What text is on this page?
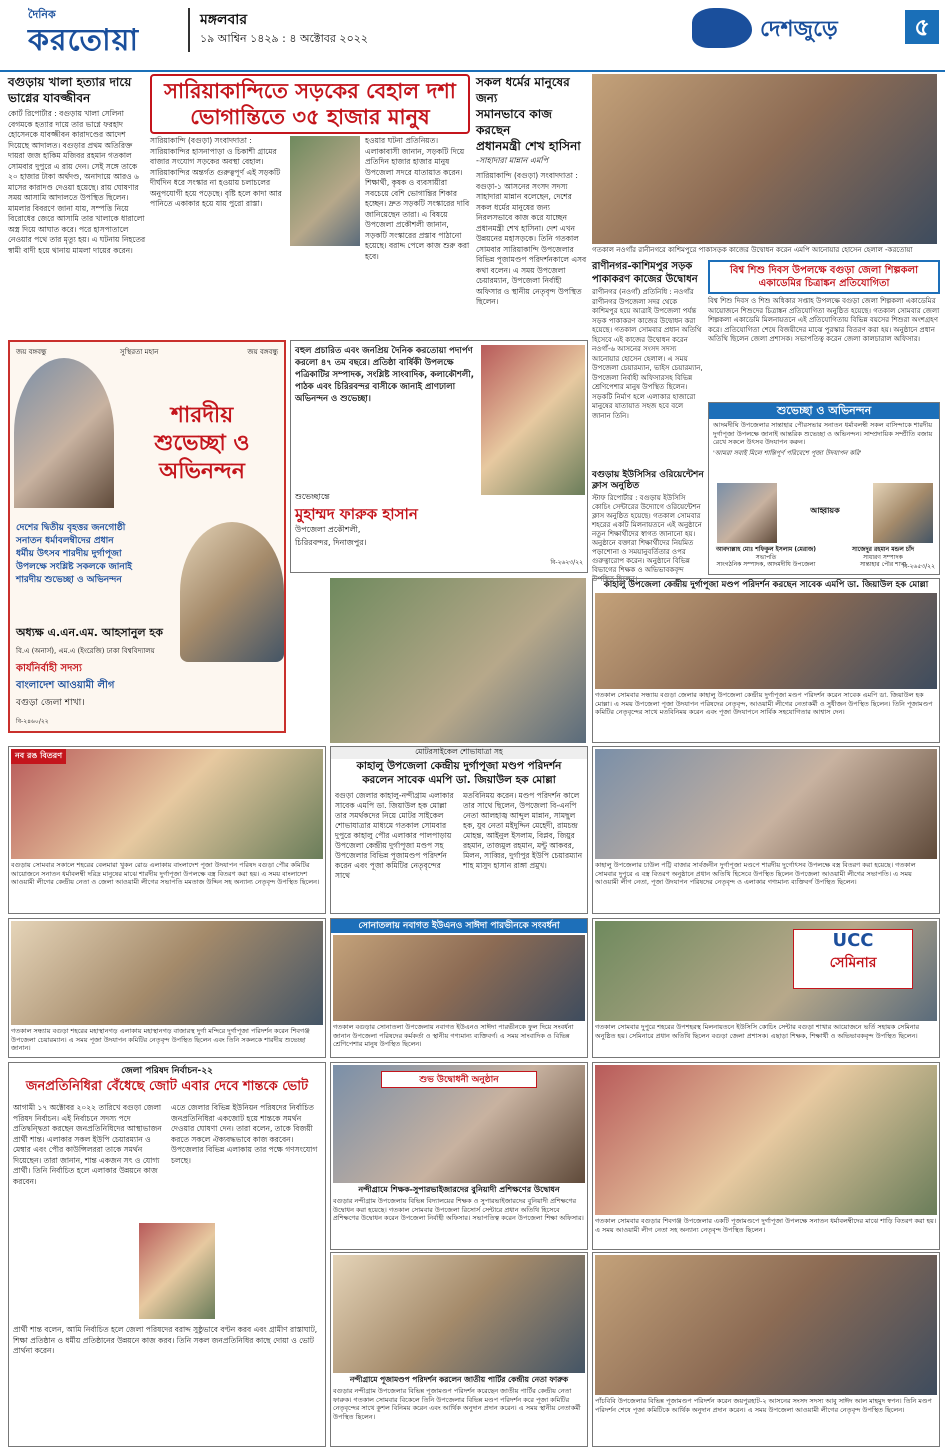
দৈনিক
করতোয়া
মঙ্গলবার
১৯ আশ্বিন ১৪২৯ : ৪ অক্টোবর ২০২২	দেশজুড়ে	৫
বগুড়ায় খালা হত্যার দায়ে ভাগ্নের যাবজ্জীবন
কোর্ট রিপোর্টার : বগুড়ায় খালা সেলিনা বেগমকে হত্যার দায়ে তার ভাগ্নে ফরহাদ হোসেনকে যাবজ্জীবন কারাদণ্ডের আদেশ দিয়েছে আদালত। বগুড়ার প্রথম অতিরিক্ত দায়রা জজ হাকিম মজিবর রহমান গতকাল সোমবার দুপুরে এ রায় দেন। সেই সঙ্গে তাকে ২০ হাজার টাকা অর্থদণ্ড, অনাদায়ে আরও ৬ মাসের কারাদণ্ড দেওয়া হয়েছে। রায় ঘোষণার সময় আসামি আদালতে উপস্থিত ছিলেন। মামলার বিবরণে জানা যায়, সম্পত্তি নিয়ে বিরোধের জেরে আসামি তার খালাকে ধারালো অস্ত্র দিয়ে আঘাত করে। পরে হাসপাতালে নেওয়ার পথে তার মৃত্যু হয়। এ ঘটনায় নিহতের স্বামী বাদী হয়ে থানায় মামলা দায়ের করেন।
সারিয়াকান্দিতে সড়কের বেহাল দশা
ভোগান্তিতে ৩৫ হাজার মানুষ
সারিয়াকান্দি (বগুড়া) সংবাদদাতা : সারিয়াকান্দির হাসনাপাড়া ও চিকাশী গ্রামের বাজার সংযোগ সড়কের অবস্থা বেহাল। সারিয়াকান্দির অন্তর্গত গুরুত্বপূর্ণ এই সড়কটি দীর্ঘদিন ধরে সংস্কার না হওয়ায় চলাচলের অনুপযোগী হয়ে পড়েছে। বৃষ্টি হলে কাদা আর পানিতে একাকার হয়ে যায় পুরো রাস্তা।
হওয়ার ঘটনা প্রতিনিয়ত। এলাকাবাসী জানান, সড়কটি দিয়ে প্রতিদিন হাজার হাজার মানুষ উপজেলা সদরে যাতায়াত করেন। শিক্ষার্থী, কৃষক ও ব্যবসায়ীরা সবচেয়ে বেশি ভোগান্তির শিকার হচ্ছেন। দ্রুত সড়কটি সংস্কারের দাবি জানিয়েছেন তারা। এ বিষয়ে উপজেলা প্রকৌশলী জানান, সড়কটি সংস্কারের প্রস্তাব পাঠানো হয়েছে। বরাদ্দ পেলে কাজ শুরু করা হবে।
সকল ধর্মের মানুষের জন্য
সমানভাবে কাজ করছেন
প্রধানমন্ত্রী শেখ হাসিনা
-সাহাদারা মান্নান এমপি
সারিয়াকান্দি (বগুড়া) সংবাদদাতা : বগুড়া-১ আসনের সংসদ সদস্য সাহাদারা মান্নান বলেছেন, দেশের সকল ধর্মের মানুষের জন্য নিরলসভাবে কাজ করে যাচ্ছেন প্রধানমন্ত্রী শেখ হাসিনা। দেশ এখন উন্নয়নের মহাসড়কে। তিনি গতকাল সোমবার সারিয়াকান্দি উপজেলার বিভিন্ন পূজামণ্ডপ পরিদর্শনকালে এসব কথা বলেন। এ সময় উপজেলা চেয়ারম্যান, উপজেলা নির্বাহী অফিসার ও স্থানীয় নেতৃবৃন্দ উপস্থিত ছিলেন।
গতকাল নওগাঁর রানীনগরে কাশিমপুরে পাকাসড়ক কাজের উদ্বোধন করেন এমপি আনোয়ার হোসেন হেলাল -করতোয়া
রাণীনগর-কাশিমপুর সড়ক
পাকাকরণ কাজের উদ্বোধন
রাণীনগর (নওগাঁ) প্রতিনিধি : নওগাঁর রাণীনগর উপজেলা সদর থেকে কাশিমপুর হয়ে আত্রাই উপজেলা পর্যন্ত সড়ক পাকাকরণ কাজের উদ্বোধন করা হয়েছে। গতকাল সোমবার প্রধান অতিথি হিসেবে এই কাজের উদ্বোধন করেন নওগাঁ-৬ আসনের সংসদ সদস্য আনোয়ার হোসেন হেলাল। এ সময় উপজেলা চেয়ারম্যান, ভাইস চেয়ারম্যান, উপজেলা নির্বাহী অফিসারসহ বিভিন্ন শ্রেণিপেশার মানুষ উপস্থিত ছিলেন। সড়কটি নির্মাণ হলে এলাকার হাজারো মানুষের যাতায়াত সহজ হবে বলে জানান তিনি।
বিশ্ব শিশু দিবস উপলক্ষে বগুড়া জেলা শিল্পকলা
একাডেমির চিত্রাঙ্কন প্রতিযোগিতা
বিশ্ব শিশু দিবস ও শিশু অধিকার সপ্তাহ উপলক্ষে বগুড়া জেলা শিল্পকলা একাডেমির আয়োজনে শিশুদের চিত্রাঙ্কন প্রতিযোগিতা অনুষ্ঠিত হয়েছে। গতকাল সোমবার জেলা শিল্পকলা একাডেমি মিলনায়তনে এই প্রতিযোগিতায় বিভিন্ন বয়সের শিশুরা অংশগ্রহণ করে। প্রতিযোগিতা শেষে বিজয়ীদের মাঝে পুরস্কার বিতরণ করা হয়। অনুষ্ঠানে প্রধান অতিথি ছিলেন জেলা প্রশাসক। সভাপতিত্ব করেন জেলা কালচারাল অফিসার।
বগুড়ায় ইউসিসির ওরিয়েন্টেশন
ক্লাস অনুষ্ঠিত
স্টাফ রিপোর্টার : বগুড়ায় ইউসিসি কোচিং সেন্টারের উদ্যোগে ওরিয়েন্টেশন ক্লাস অনুষ্ঠিত হয়েছে। গতকাল সোমবার শহরের একটি মিলনায়তনে এই অনুষ্ঠানে নতুন শিক্ষার্থীদের স্বাগত জানানো হয়। অনুষ্ঠানে বক্তারা শিক্ষার্থীদের নিয়মিত পড়াশোনা ও সময়ানুবর্তিতার ওপর গুরুত্বারোপ করেন। অনুষ্ঠানে বিভিন্ন বিভাগের শিক্ষক ও অভিভাবকবৃন্দ উপস্থিত ছিলেন।
শুভেচ্ছা ও অভিনন্দন
আদমদীঘি উপজেলার সান্তাহার পৌরসভার সনাতন ধর্মাবলম্বী সকল বাসিন্দাকে শারদীয় দুর্গাপূজা উপলক্ষে জানাই আন্তরিক শুভেচ্ছা ও অভিনন্দন। সাম্প্রদায়িক সম্প্রীতি বজায় রেখে সকলে উৎসব উদযাপন করুন।
'আমরা সবাই মিলে শান্তিপূর্ণ পরিবেশে পূজা উদযাপন করি'
আহ্বায়ক
আবদাল্লাহ মোঃ শফিকুল ইসলাম (মেরাজ)
সভাপতি
সাংগঠনিক সম্পাদক, আদমদীঘি উপজেলা
সাজেদুর রহমান মন্ডল চাঁদ
সাধারণ সম্পাদক
সান্তাহার পৌর শাখা
বি-২৬৫৩/২২
জয় বঙ্গবন্ধু	সুস্থিরতা মহান	জয় বঙ্গবন্ধু
শারদীয়
শুভেচ্ছা ও
অভিনন্দন
দেশের দ্বিতীয় বৃহত্তর জনগোষ্ঠী
সনাতন ধর্মাবলম্বীদের প্রধান
ধর্মীয় উৎসব শারদীয় দুর্গাপূজা
উপলক্ষে সংশ্লিষ্ট সকলকে জানাই
শারদীয় শুভেচ্ছা ও অভিনন্দন
অধ্যক্ষ এ.এন.এম. আহসানুল হক
বি.এ (অনার্স), এম.এ (ইংরেজি) ঢাকা বিশ্ববিদ্যালয়
কার্যনির্বাহী সদস্য
বাংলাদেশ আওয়ামী লীগ
বগুড়া জেলা শাখা।
বি-২৪৬০/২২
বহুল প্রচারিত এবং জনপ্রিয় দৈনিক করতোয়া পদার্পণ করলো ৪৭ তম বছরে। প্রতিষ্ঠা বার্ষিকী উপলক্ষে পত্রিকাটির সম্পাদক, সংশ্লিষ্ট সাংবাদিক, কলাকৌশলী, পাঠক এবং চিরিরবন্দর বাসীকে জানাই প্রাণঢালা অভিনন্দন ও শুভেচ্ছা।
শুভেচ্ছান্তে
মুহাম্মদ ফারুক হাসান
উপজেলা প্রকৌশলী,
চিরিরবন্দর, দিনাজপুর।
বি-২৬২৩/২২
কাহালু উপজেলা কেন্দ্রীয় দুর্গাপূজা মণ্ডপ পরিদর্শন করছেন সাবেক এমপি ডা. জিয়াউল হক মোল্লা
গতকাল সোমবার সন্ধ্যায় বগুড়া জেলার কাহালু উপজেলা কেন্দ্রীয় দুর্গাপূজা মণ্ডপ পরিদর্শন করেন সাবেক এমপি ডা. জিয়াউল হক মোল্লা। এ সময় উপজেলা পূজা উদযাপন পরিষদের নেতৃবৃন্দ, আওয়ামী লীগের নেতাকর্মী ও সুধীজন উপস্থিত ছিলেন। তিনি পূজামণ্ডপ কমিটির নেতৃবৃন্দের সাথে মতবিনিময় করেন এবং পূজা উদযাপনে সার্বিক সহযোগিতার আশ্বাস দেন।
নব রঙ বিতরণ
বগুড়ায় সোমবার সকালে শহরের বেলমারা খুকন রোড এলাকায় বাংলাদেশ পূজা উদযাপন পরিষদ বগুড়া পৌর কমিটির আয়োজনে সনাতন ধর্মাবলম্বী দরিদ্র মানুষের মাঝে শারদীয় দুর্গাপূজা উপলক্ষে বস্ত্র বিতরণ করা হয়। এ সময় বাংলাদেশ আওয়ামী লীগের কেন্দ্রীয় নেতা ও জেলা আওয়ামী লীগের সভাপতি মমতাজ উদ্দিন সহ অন্যান্য নেতৃবৃন্দ উপস্থিত ছিলেন।
মোটরসাইকেল শোভাযাত্রা সহ
কাহালু উপজেলা কেন্দ্রীয় দুর্গাপূজা মণ্ডপ পরিদর্শন
করলেন সাবেক এমপি ডা. জিয়াউল হক মোল্লা
বগুড়া জেলার কাহালু-নন্দীগ্রাম এলাকার সাবেক এমপি ডা. জিয়াউল হক মোল্লা তার সমর্থকদের নিয়ে মোটর সাইকেল শোভাযাত্রার মাধ্যমে গতকাল সোমবার দুপুরে কাহালু পৌর এলাকার পালপাড়ায় উপজেলা কেন্দ্রীয় দুর্গাপূজা মণ্ডপ সহ উপজেলার বিভিন্ন পূজামণ্ডপ পরিদর্শন করেন এবং পূজা কমিটির নেতৃবৃন্দের সাথে
মতবিনিময় করেন। মণ্ডপ পরিদর্শন কালে তার সাথে ছিলেন, উপজেলা বি-এনপি নেতা আলহাজ্ব আব্দুল মান্নান, সামছুল হক, যুব নেতা মইদুদ্দিন মেহেদী, রামচন্দ্র মোহন্ত, আইনুল ইসলাম, বিপ্লব, জিয়ুর রহমান, তাজমুল রহমান, মন্টু আকবর, মিলন, সাব্বির, দুর্গাপুর ইউপি চেয়ারম্যান শাহ মাসুদ হাসান রাঙ্গা প্রমুখ।	কাহালু উপজেলার চাউল পট্টি বাজার সার্বজনীন দুর্গাপূজা মণ্ডপে শারদীয় দুর্গোৎসব উপলক্ষে বস্ত্র বিতরণ করা হয়েছে। গতকাল সোমবার দুপুরে এ বস্ত্র বিতরণ অনুষ্ঠানে প্রধান অতিথি হিসেবে উপস্থিত ছিলেন উপজেলা আওয়ামী লীগের সভাপতি। এ সময় আওয়ামী লীগ নেতা, পূজা উদযাপন পরিষদের নেতৃবৃন্দ ও এলাকার গণ্যমান্য ব্যক্তিবর্গ উপস্থিত ছিলেন।
গতকাল সন্ধ্যায় বগুড়া শহরের মহাস্থানগড় এলাকায় মহাস্থানগড় বাজারস্থ দুর্গা মন্দিরে দুর্গাপূজা পরিদর্শন করেন শিবগঞ্জ উপজেলা চেয়ারম্যান। এ সময় পূজা উদযাপন কমিটির নেতৃবৃন্দ উপস্থিত ছিলেন এবং তিনি সকলকে শারদীয় শুভেচ্ছা জানান।
সোনাতলায় নবাগত ইউএনও সাঈদা পারভীনকে সংবর্ধনা
গতকাল বগুড়ার সোনাতলা উপজেলায় নবাগত ইউএনও সাঈদা পারভীনকে ফুল দিয়ে সংবর্ধনা জানান উপজেলা পরিষদের কর্মকর্তা ও স্থানীয় গণ্যমান্য ব্যক্তিবর্গ। এ সময় সাংবাদিক ও বিভিন্ন শ্রেণিপেশার মানুষ উপস্থিত ছিলেন।
UCC
সেমিনার
গতকাল সোমবার দুপুরে শহরের উপশহরস্থ মিলনায়তনে ইউসিসি কোচিং সেন্টার বগুড়া শাখার আয়োজনে ভর্তি সহায়ক সেমিনার অনুষ্ঠিত হয়। সেমিনারে প্রধান অতিথি ছিলেন বগুড়া জেলা প্রশাসক। এছাড়া শিক্ষক, শিক্ষার্থী ও অভিভাবকবৃন্দ উপস্থিত ছিলেন।
জেলা পরিষদ নির্বাচন-২২
জনপ্রতিনিধিরা বেঁধেছে জোট এবার দেবে শান্তকে ভোট
আগামী ১৭ অক্টোবর ২০২২ তারিখে বগুড়া জেলা পরিষদ নির্বাচন। এই নির্বাচনে সদস্য পদে প্রতিদ্বন্দ্বিতা করছেন জনপ্রতিনিধিদের আস্থাভাজন প্রার্থী শান্ত। এলাকার সকল ইউপি চেয়ারম্যান ও মেম্বার এবং পৌর কাউন্সিলররা তাকে সমর্থন দিয়েছেন। তারা জানান, শান্ত একজন সৎ ও যোগ্য প্রার্থী। তিনি নির্বাচিত হলে এলাকার উন্নয়নে কাজ করবেন।
এতে জেলার বিভিন্ন ইউনিয়ন পরিষদের নির্বাচিত জনপ্রতিনিধিরা একজোট হয়ে শান্তকে সমর্থন দেওয়ার ঘোষণা দেন। তারা বলেন, তাকে বিজয়ী করতে সকলে ঐক্যবদ্ধভাবে কাজ করবেন। উপজেলার বিভিন্ন এলাকায় তার পক্ষে গণসংযোগ চলছে।
প্রার্থী শান্ত বলেন, আমি নির্বাচিত হলে জেলা পরিষদের বরাদ্দ সুষ্ঠুভাবে বণ্টন করব এবং গ্রামীণ রাস্তাঘাট, শিক্ষা প্রতিষ্ঠান ও ধর্মীয় প্রতিষ্ঠানের উন্নয়নে কাজ করব। তিনি সকল জনপ্রতিনিধির কাছে দোয়া ও ভোট প্রার্থনা করেন।
শুভ উদ্বোধনী অনুষ্ঠান
নন্দীগ্রামে শিক্ষক-সুপারভাইজারদের বুনিয়াদী প্রশিক্ষণের উদ্বোধন
বগুড়ার নন্দীগ্রাম উপজেলায় বিভিন্ন বিদ্যালয়ের শিক্ষক ও সুপারভাইজারদের বুনিয়াদী প্রশিক্ষণের উদ্বোধন করা হয়েছে। গতকাল সোমবার উপজেলা রিসোর্স সেন্টারে প্রধান অতিথি হিসেবে প্রশিক্ষণের উদ্বোধন করেন উপজেলা নির্বাহী অফিসার। সভাপতিত্ব করেন উপজেলা শিক্ষা অফিসার। গতকাল সোমবার বগুড়ার শিবগঞ্জ উপজেলার একটি পূজামণ্ডপে দুর্গাপূজা উপলক্ষে সনাতন ধর্মাবলম্বীদের মাঝে শাড়ি বিতরণ করা হয়। এ সময় আওয়ামী লীগ নেতা সহ অন্যান্য নেতৃবৃন্দ উপস্থিত ছিলেন।
নন্দীগ্রামে পূজামণ্ডপ পরিদর্শন করলেন জাতীয় পার্টির কেন্দ্রীয় নেতা ফারুক
বগুড়ার নন্দীগ্রাম উপজেলার বিভিন্ন পূজামণ্ডপ পরিদর্শন করেছেন জাতীয় পার্টির কেন্দ্রীয় নেতা ফারুক। গতকাল সোমবার বিকেলে তিনি উপজেলার বিভিন্ন মণ্ডপ পরিদর্শন করে পূজা কমিটির নেতৃবৃন্দের সাথে কুশল বিনিময় করেন এবং আর্থিক অনুদান প্রদান করেন। এ সময় স্থানীয় নেতাকর্মী উপস্থিত ছিলেন।
পাঁচবিবি উপজেলার বিভিন্ন পূজামণ্ডপ পরিদর্শন করেন জয়পুরহাট-২ আসনের সংসদ সদস্য আবু সাঈদ আল মাহমুদ স্বপন। তিনি মণ্ডপ পরিদর্শন শেষে পূজা কমিটিকে আর্থিক অনুদান প্রদান করেন। এ সময় উপজেলা আওয়ামী লীগের নেতৃবৃন্দ উপস্থিত ছিলেন।
